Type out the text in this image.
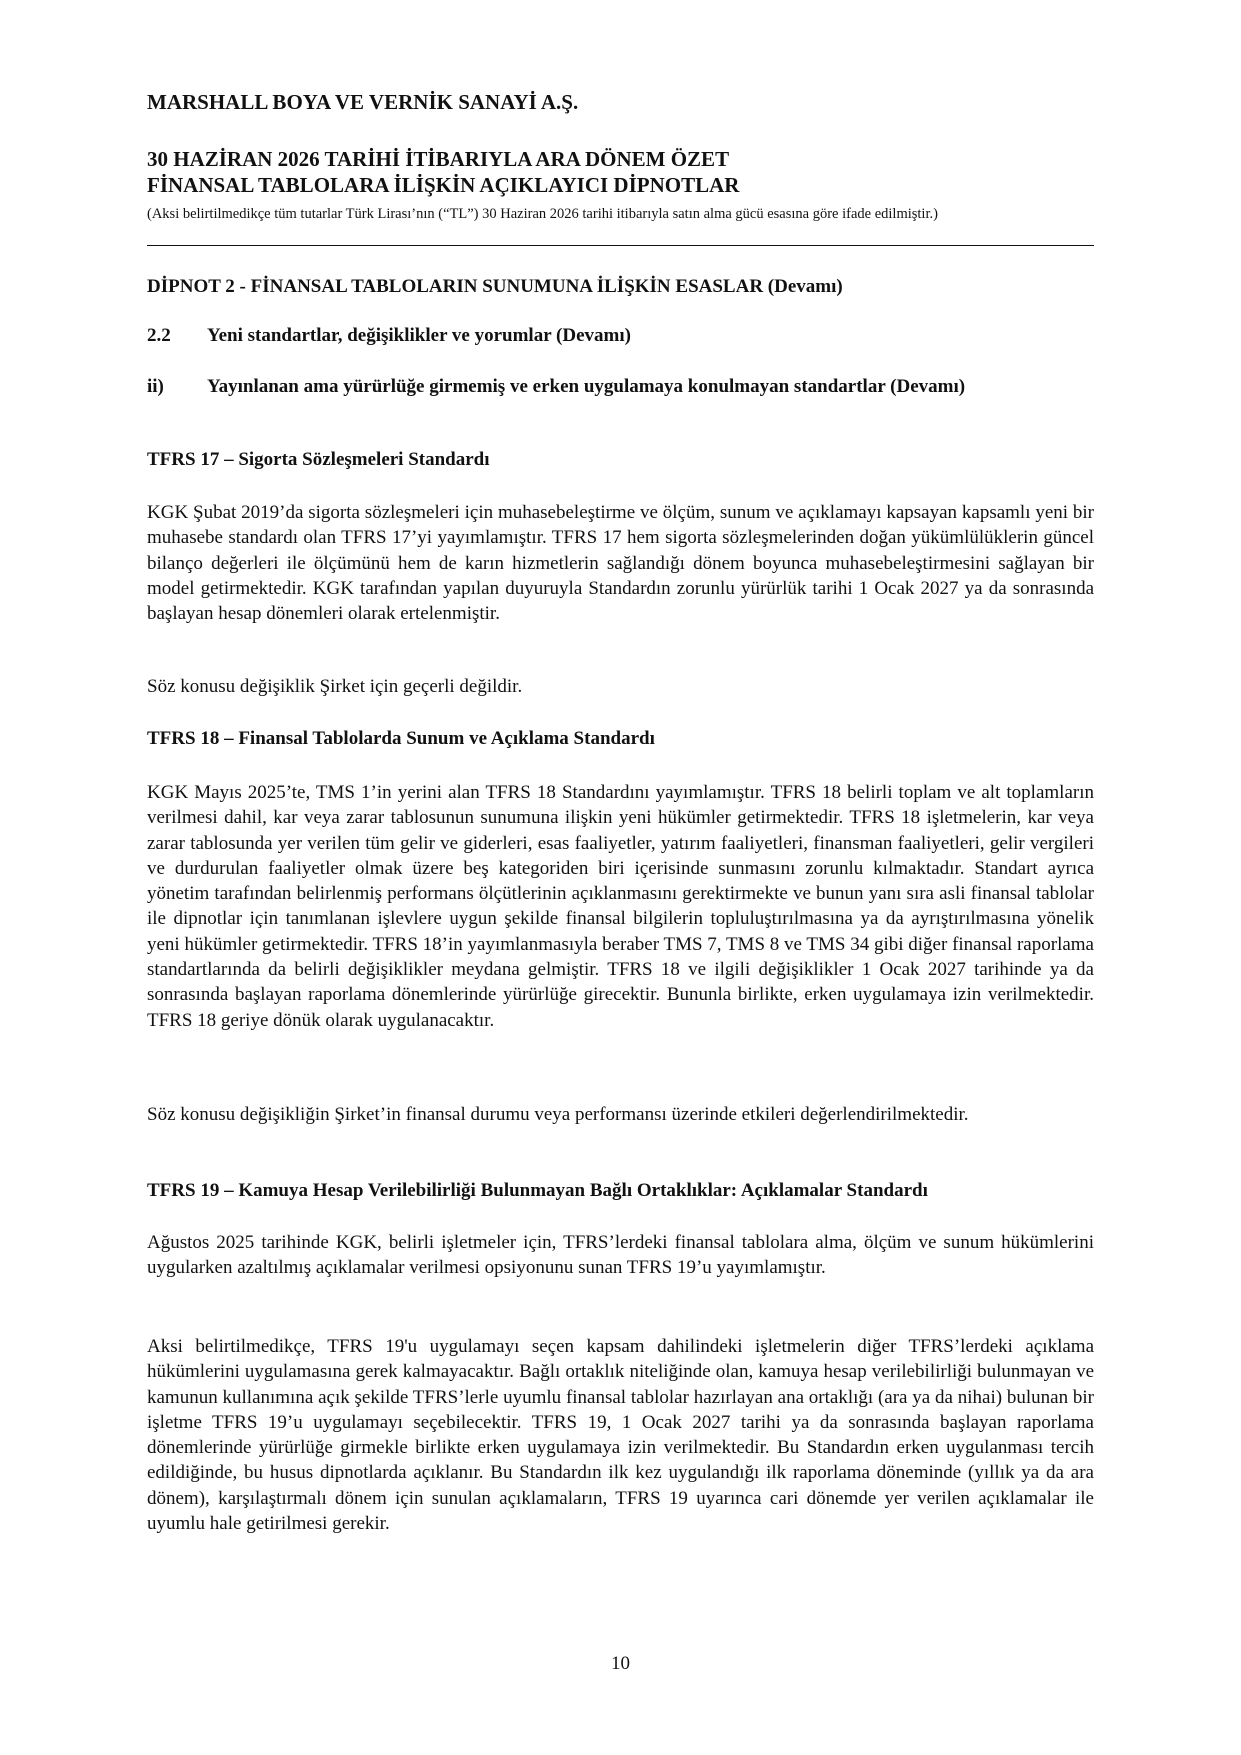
MARSHALL BOYA VE VERNİK SANAYİ A.Ş.

30 HAZİRAN 2026 TARİHİ İTİBARIYLA ARA DÖNEM ÖZET
FİNANSAL TABLOLARA İLİŞKİN AÇIKLAYICI DİPNOTLAR

(Aksi belirtilmedikçe tüm tutarlar Türk Lirası’nın (“TL”) 30 Haziran 2026 tarihi itibarıyla satın alma gücü esasına göre ifade edilmiştir.)

DİPNOT 2 - FİNANSAL TABLOLARIN SUNUMUNA İLİŞKİN ESASLAR (Devamı)

2.2	Yeni standartlar, değişiklikler ve yorumlar (Devamı)
ii)	Yayınlanan ama yürürlüğe girmemiş ve erken uygulamaya konulmayan standartlar (Devamı)

TFRS 17 – Sigorta Sözleşmeleri Standardı

KGK Şubat 2019’da sigorta sözleşmeleri için muhasebeleştirme ve ölçüm, sunum ve açıklamayı kapsayan kapsamlı yeni bir muhasebe standardı olan TFRS 17’yi yayımlamıştır. TFRS 17 hem sigorta sözleşmelerinden doğan yükümlülüklerin güncel bilanço değerleri ile ölçümünü hem de karın hizmetlerin sağlandığı dönem boyunca muhasebeleştirmesini sağlayan bir model getirmektedir. KGK tarafından yapılan duyuruyla Standardın zorunlu yürürlük tarihi 1 Ocak 2027 ya da sonrasında başlayan hesap dönemleri olarak ertelenmiştir.

Söz konusu değişiklik Şirket için geçerli değildir.

TFRS 18 – Finansal Tablolarda Sunum ve Açıklama Standardı

KGK Mayıs 2025’te, TMS 1’in yerini alan TFRS 18 Standardını yayımlamıştır. TFRS 18 belirli toplam ve alt toplamların verilmesi dahil, kar veya zarar tablosunun sunumuna ilişkin yeni hükümler getirmektedir. TFRS 18 işletmelerin, kar veya zarar tablosunda yer verilen tüm gelir ve giderleri, esas faaliyetler, yatırım faaliyetleri, finansman faaliyetleri, gelir vergileri ve durdurulan faaliyetler olmak üzere beş kategoriden biri içerisinde sunmasını zorunlu kılmaktadır. Standart ayrıca yönetim tarafından belirlenmiş performans ölçütlerinin açıklanmasını gerektirmekte ve bunun yanı sıra asli finansal tablolar ile dipnotlar için tanımlanan işlevlere uygun şekilde finansal bilgilerin topluluştırılmasına ya da ayrıştırılmasına yönelik yeni hükümler getirmektedir. TFRS 18’in yayımlanmasıyla beraber TMS 7, TMS 8 ve TMS 34 gibi diğer finansal raporlama standartlarında da belirli değişiklikler meydana gelmiştir. TFRS 18 ve ilgili değişiklikler 1 Ocak 2027 tarihinde ya da sonrasında başlayan raporlama dönemlerinde yürürlüğe girecektir. Bununla birlikte, erken uygulamaya izin verilmektedir. TFRS 18 geriye dönük olarak uygulanacaktır.

Söz konusu değişikliğin Şirket’in finansal durumu veya performansı üzerinde etkileri değerlendirilmektedir.

TFRS 19 – Kamuya Hesap Verilebilirliği Bulunmayan Bağlı Ortaklıklar: Açıklamalar Standardı

Ağustos 2025 tarihinde KGK, belirli işletmeler için, TFRS’lerdeki finansal tablolara alma, ölçüm ve sunum hükümlerini uygularken azaltılmış açıklamalar verilmesi opsiyonunu sunan TFRS 19’u yayımlamıştır.

Aksi belirtilmedikçe, TFRS 19'u uygulamayı seçen kapsam dahilindeki işletmelerin diğer TFRS’lerdeki açıklama hükümlerini uygulamasına gerek kalmayacaktır. Bağlı ortaklık niteliğinde olan, kamuya hesap verilebilirliği bulunmayan ve kamunun kullanımına açık şekilde TFRS’lerle uyumlu finansal tablolar hazırlayan ana ortaklığı (ara ya da nihai) bulunan bir işletme TFRS 19’u uygulamayı seçebilecektir. TFRS 19, 1 Ocak 2027 tarihi ya da sonrasında başlayan raporlama dönemlerinde yürürlüğe girmekle birlikte erken uygulamaya izin verilmektedir. Bu Standardın erken uygulanması tercih edildiğinde, bu husus dipnotlarda açıklanır. Bu Standardın ilk kez uygulandığı ilk raporlama döneminde (yıllık ya da ara dönem), karşılaştırmalı dönem için sunulan açıklamaların, TFRS 19 uyarınca cari dönemde yer verilen açıklamalar ile uyumlu hale getirilmesi gerekir.

10
